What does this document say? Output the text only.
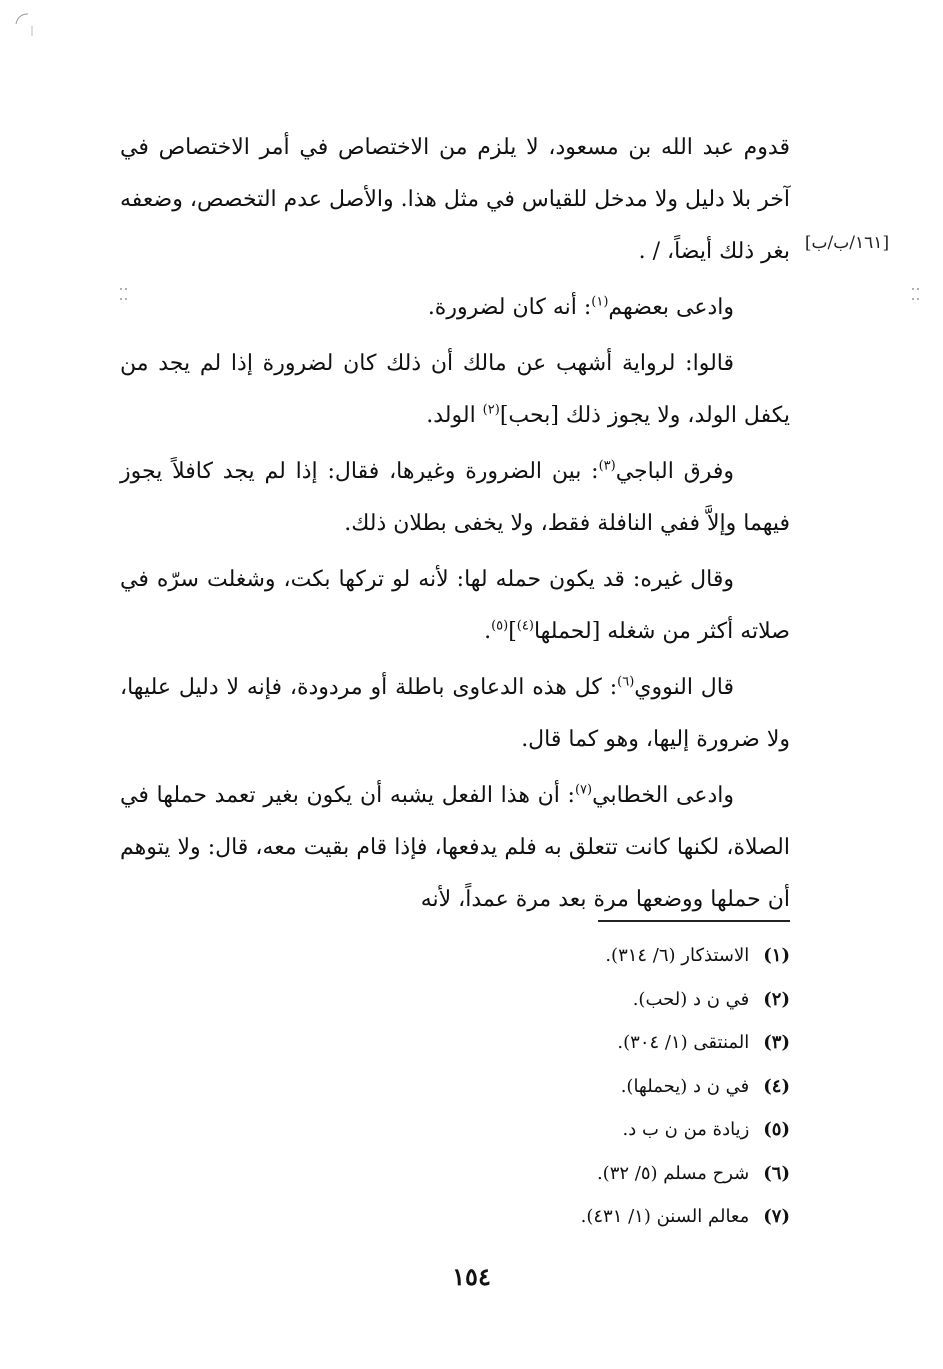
[١٦١/ب/ب]

قدوم عبد الله بن مسعود، لا يلزم من الاختصاص في أمر الاختصاص في آخر بلا دليل ولا مدخل للقياس في مثل هذا. والأصل عدم التخصص، وضعفه بغر ذلك أيضاً، / .

وادعى بعضهم$^{(١)}$: أنه كان لضرورة.

قالوا: لرواية أشهب عن مالك أن ذلك كان لضرورة إذا لم يجد من يكفل الولد، ولا يجوز ذلك [بحب]$^{(٢)}$ الولد.

وفرق الباجي$^{(٣)}$: بين الضرورة وغيرها، فقال: إذا لم يجد كافلاً يجوز فيهما وإلاَّ ففي النافلة فقط، ولا يخفى بطلان ذلك.

وقال غيره: قد يكون حمله لها: لأنه لو تركها بكت، وشغلت سرّه في صلاته أكثر من شغله [لحملها$^{(٤)}$]$^{(٥)}$.

قال النووي$^{(٦)}$: كل هذه الدعاوى باطلة أو مردودة، فإنه لا دليل عليها، ولا ضرورة إليها، وهو كما قال.

وادعى الخطابي$^{(٧)}$: أن هذا الفعل يشبه أن يكون بغير تعمد حملها في الصلاة، لكنها كانت تتعلق به فلم يدفعها، فإذا قام بقيت معه، قال: ولا يتوهم أن حملها ووضعها مرة بعد مرة عمداً، لأنه

(١)
الاستذكار (٦/ ٣١٤).
(٢)
في ن د (لحب).
(٣)
المنتقى (١/ ٣٠٤).
(٤)
في ن د (يحملها).
(٥)
زيادة من ن ب د.
(٦)
شرح مسلم (٥/ ٣٢).
(٧)
معالم السنن (١/ ٤٣١).
١٥٤
